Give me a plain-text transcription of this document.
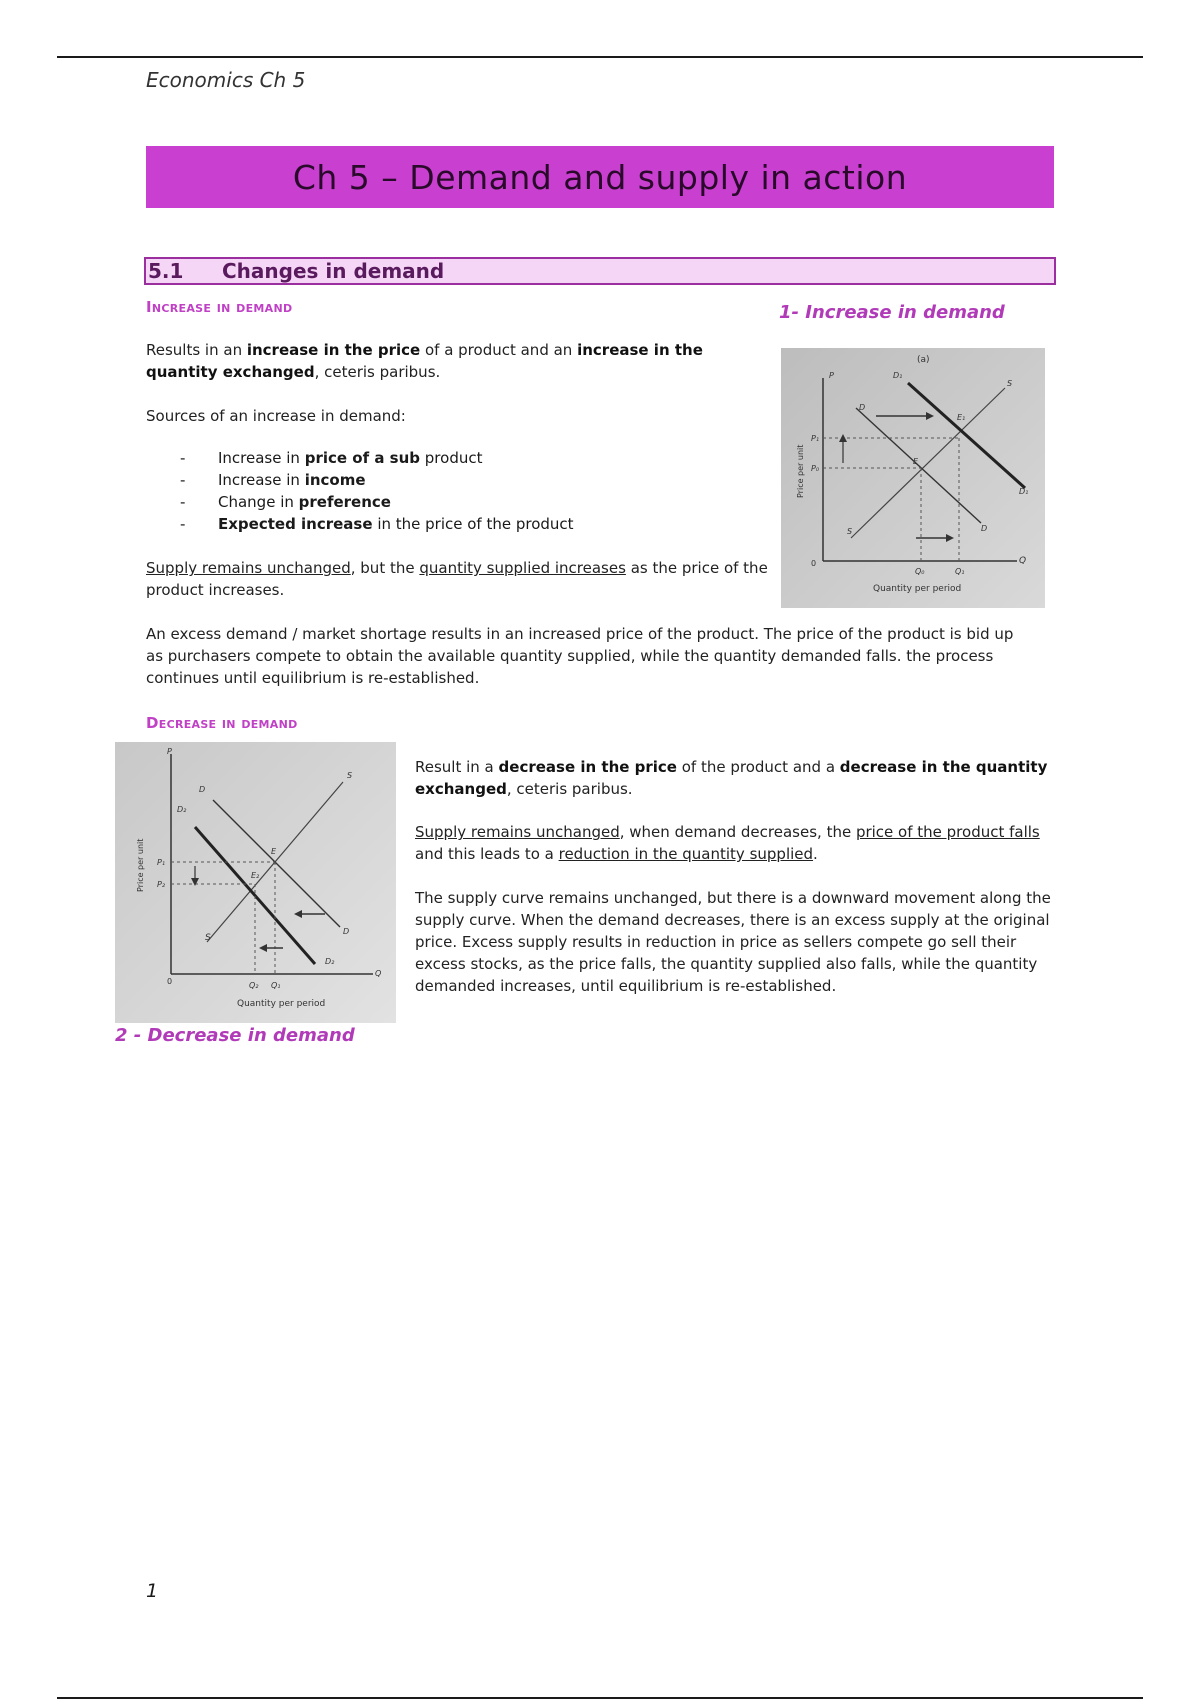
Economics Ch 5
Ch 5 – Demand and supply in action
5.1	Changes in demand
Increase in demand	1- Increase in demand
Results in an increase in the price of a product and an increase in the quantity exchanged, ceteris paribus.
Sources of an increase in demand:
- Increase in price of a sub product
- Increase in income
- Change in preference
- Expected increase in the price of the product
Supply remains unchanged, but the quantity supplied increases as the price of the product increases.
An excess demand / market shortage results in an increased price of the product. The price of the product is bid up as purchasers compete to obtain the available quantity supplied, while the quantity demanded falls. the process continues until equilibrium is re-established.
(a)
P
Q
S
S
D
D
D₁
D₁
E
E₁
P₁
P₀
0
Q₀	Q₁
Quantity per period
Price per unit
Decrease in demand
P
Q
S
S
D
D
D₂
D₂
E
E₂
P₁
P₂
0	Q₂ Q₁
Quantity per period
Price per unit
2 - Decrease in demand
Result in a decrease in the price of the product and a decrease in the quantity exchanged, ceteris paribus.
Supply remains unchanged, when demand decreases, the price of the product falls and this leads to a reduction in the quantity supplied.
The supply curve remains unchanged, but there is a downward movement along the supply curve. When the demand decreases, there is an excess supply at the original price. Excess supply results in reduction in price as sellers compete go sell their excess stocks, as the price falls, the quantity supplied also falls, while the quantity demanded increases, until equilibrium is re-established.
1
